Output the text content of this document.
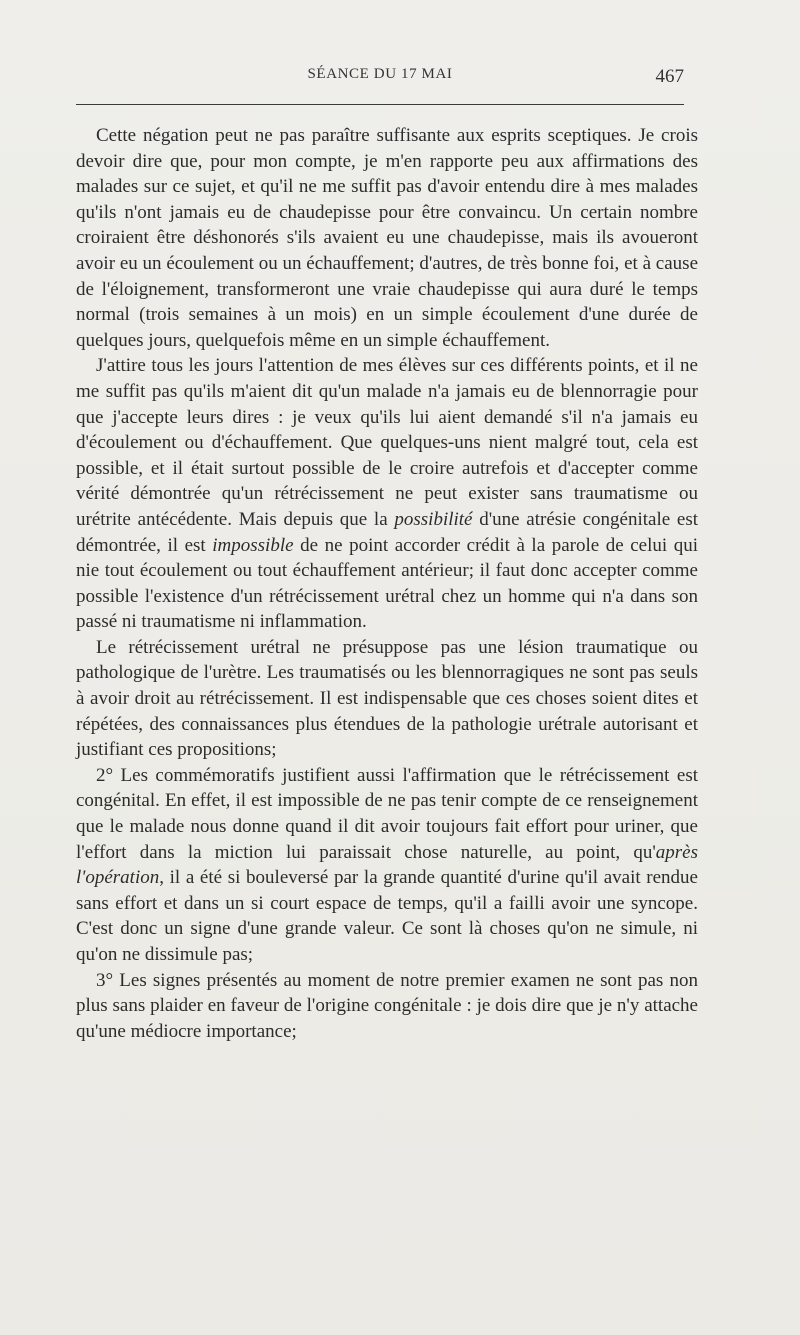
SÉANCE DU 17 MAI	467

Cette négation peut ne pas paraître suffisante aux esprits sceptiques. Je crois devoir dire que, pour mon compte, je m'en rapporte peu aux affirmations des malades sur ce sujet, et qu'il ne me suffit pas d'avoir entendu dire à mes malades qu'ils n'ont jamais eu de chaudepisse pour être convaincu. Un certain nombre croiraient être déshonorés s'ils avaient eu une chaudepisse, mais ils avoueront avoir eu un écoulement ou un échauffement; d'autres, de très bonne foi, et à cause de l'éloignement, transformeront une vraie chaudepisse qui aura duré le temps normal (trois semaines à un mois) en un simple écoulement d'une durée de quelques jours, quelquefois même en un simple échauffement.

J'attire tous les jours l'attention de mes élèves sur ces différents points, et il ne me suffit pas qu'ils m'aient dit qu'un malade n'a jamais eu de blennorragie pour que j'accepte leurs dires : je veux qu'ils lui aient demandé s'il n'a jamais eu d'écoulement ou d'échauffement. Que quelques-uns nient malgré tout, cela est possible, et il était surtout possible de le croire autrefois et d'accepter comme vérité démontrée qu'un rétrécissement ne peut exister sans traumatisme ou urétrite antécédente. Mais depuis que la possibilité d'une atrésie congénitale est démontrée, il est impossible de ne point accorder crédit à la parole de celui qui nie tout écoulement ou tout échauffement antérieur; il faut donc accepter comme possible l'existence d'un rétrécissement urétral chez un homme qui n'a dans son passé ni traumatisme ni inflammation.

Le rétrécissement urétral ne présuppose pas une lésion traumatique ou pathologique de l'urètre. Les traumatisés ou les blennorragiques ne sont pas seuls à avoir droit au rétrécissement. Il est indispensable que ces choses soient dites et répétées, des connaissances plus étendues de la pathologie urétrale autorisant et justifiant ces propositions;

2° Les commémoratifs justifient aussi l'affirmation que le rétrécissement est congénital. En effet, il est impossible de ne pas tenir compte de ce renseignement que le malade nous donne quand il dit avoir toujours fait effort pour uriner, que l'effort dans la miction lui paraissait chose naturelle, au point, qu'après l'opération, il a été si bouleversé par la grande quantité d'urine qu'il avait rendue sans effort et dans un si court espace de temps, qu'il a failli avoir une syncope. C'est donc un signe d'une grande valeur. Ce sont là choses qu'on ne simule, ni qu'on ne dissimule pas;

3° Les signes présentés au moment de notre premier examen ne sont pas non plus sans plaider en faveur de l'origine congénitale : je dois dire que je n'y attache qu'une médiocre importance;
